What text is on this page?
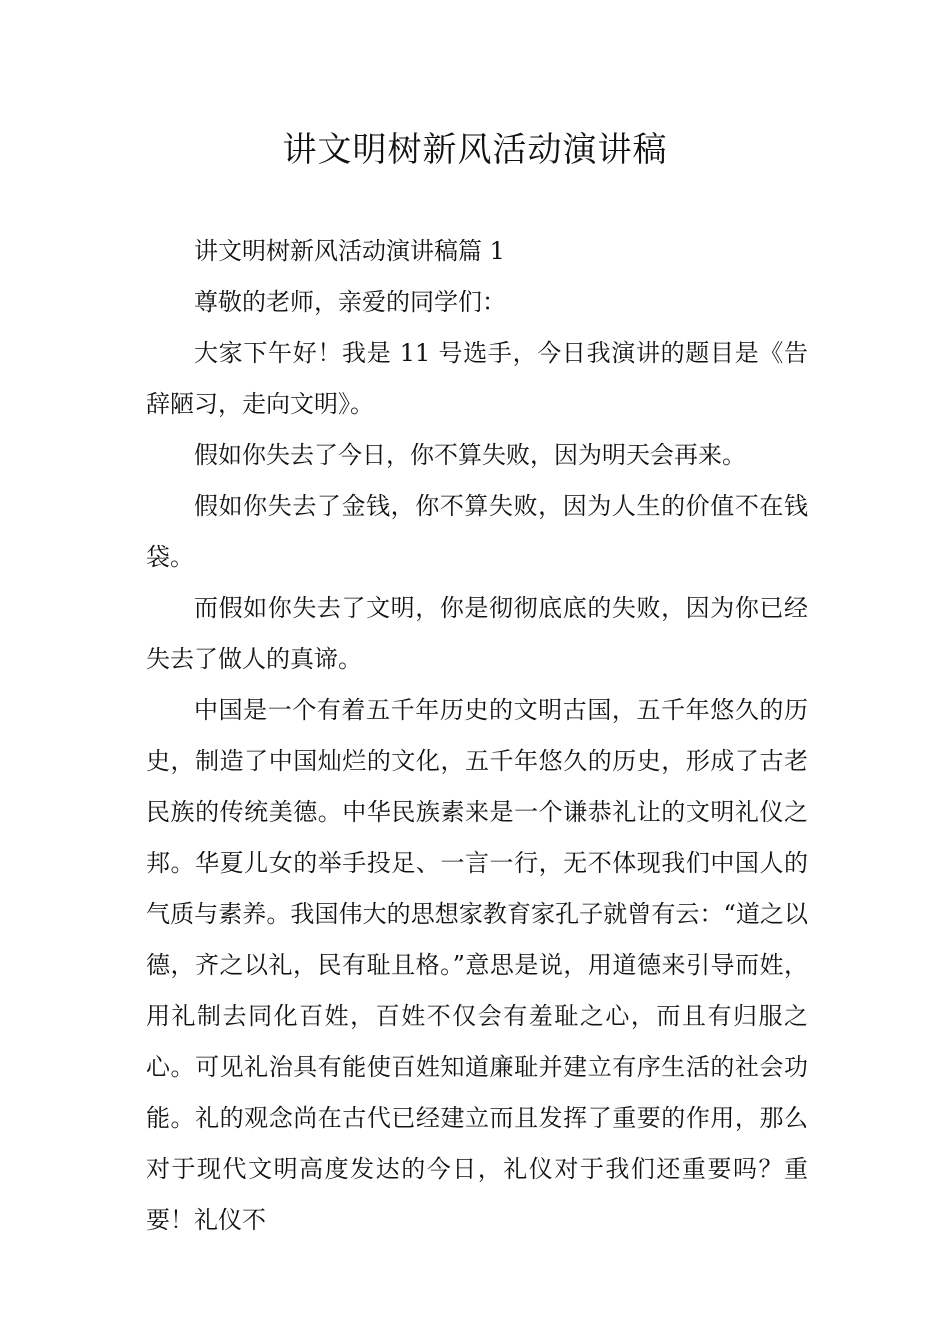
讲文明树新风活动演讲稿

讲文明树新风活动演讲稿篇 1

尊敬的老师，亲爱的同学们：

大家下午好！我是 11 号选手，今日我演讲的题目是《告辞陋习，走向文明》。

假如你失去了今日，你不算失败，因为明天会再来。

假如你失去了金钱，你不算失败，因为人生的价值不在钱袋。

而假如你失去了文明，你是彻彻底底的失败，因为你已经失去了做人的真谛。

中国是一个有着五千年历史的文明古国，五千年悠久的历史，制造了中国灿烂的文化，五千年悠久的历史，形成了古老民族的传统美德。中华民族素来是一个谦恭礼让的文明礼仪之邦。华夏儿女的举手投足、一言一行，无不体现我们中国人的气质与素养。我国伟大的思想家教育家孔子就曾有云：“道之以德，齐之以礼，民有耻且格。”意思是说，用道德来引导而姓，用礼制去同化百姓，百姓不仅会有羞耻之心，而且有归服之心。可见礼治具有能使百姓知道廉耻并建立有序生活的社会功能。礼的观念尚在古代已经建立而且发挥了重要的作用，那么对于现代文明高度发达的今日，礼仪对于我们还重要吗？重要！礼仪不
